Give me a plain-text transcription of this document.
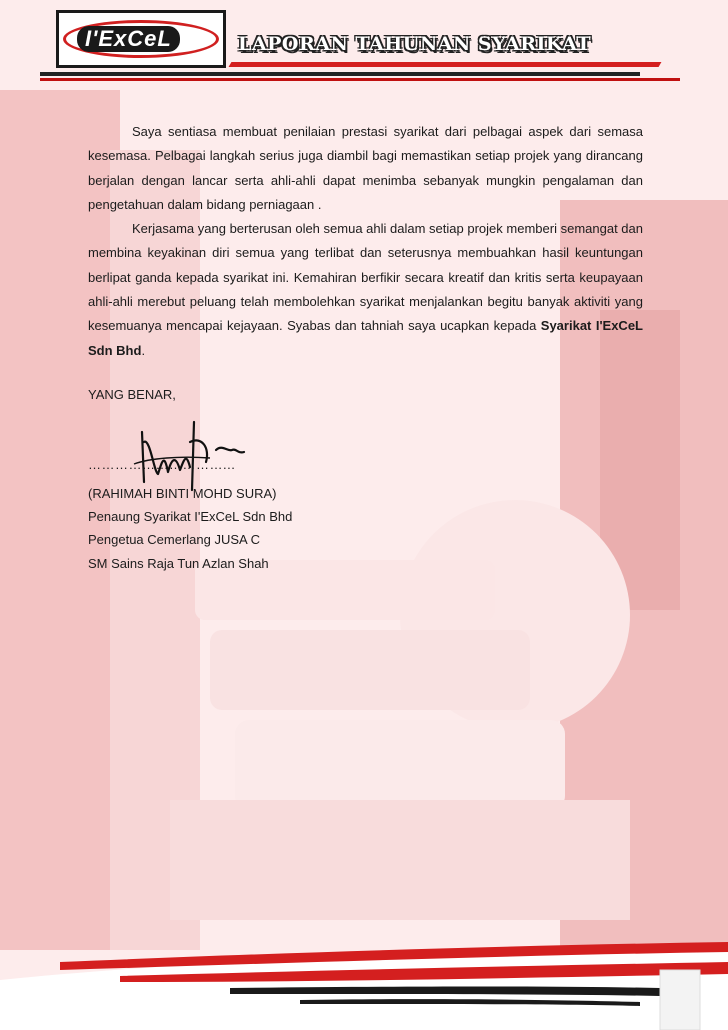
I'ExCeL	LAPORAN TAHUNAN SYARIKAT

Saya sentiasa membuat penilaian prestasi syarikat dari pelbagai aspek dari semasa kesemasa. Pelbagai langkah serius juga diambil bagi memastikan setiap projek yang dirancang berjalan dengan lancar serta ahli-ahli dapat menimba sebanyak mungkin pengalaman dan pengetahuan dalam bidang perniagaan .

Kerjasama yang berterusan oleh semua ahli dalam setiap projek memberi semangat dan membina keyakinan diri semua yang terlibat dan seterusnya membuahkan hasil keuntungan berlipat ganda kepada syarikat ini. Kemahiran berfikir secara kreatif dan kritis serta keupayaan ahli-ahli merebut peluang telah membolehkan syarikat menjalankan begitu banyak aktiviti yang kesemuanya mencapai kejayaan. Syabas dan tahniah saya ucapkan kepada Syarikat I'ExCeL Sdn Bhd.

YANG BENAR,
…………………………...
(RAHIMAH BINTI MOHD SURA)
Penaung Syarikat I'ExCeL Sdn Bhd
Pengetua Cemerlang JUSA C
SM Sains Raja Tun Azlan Shah
